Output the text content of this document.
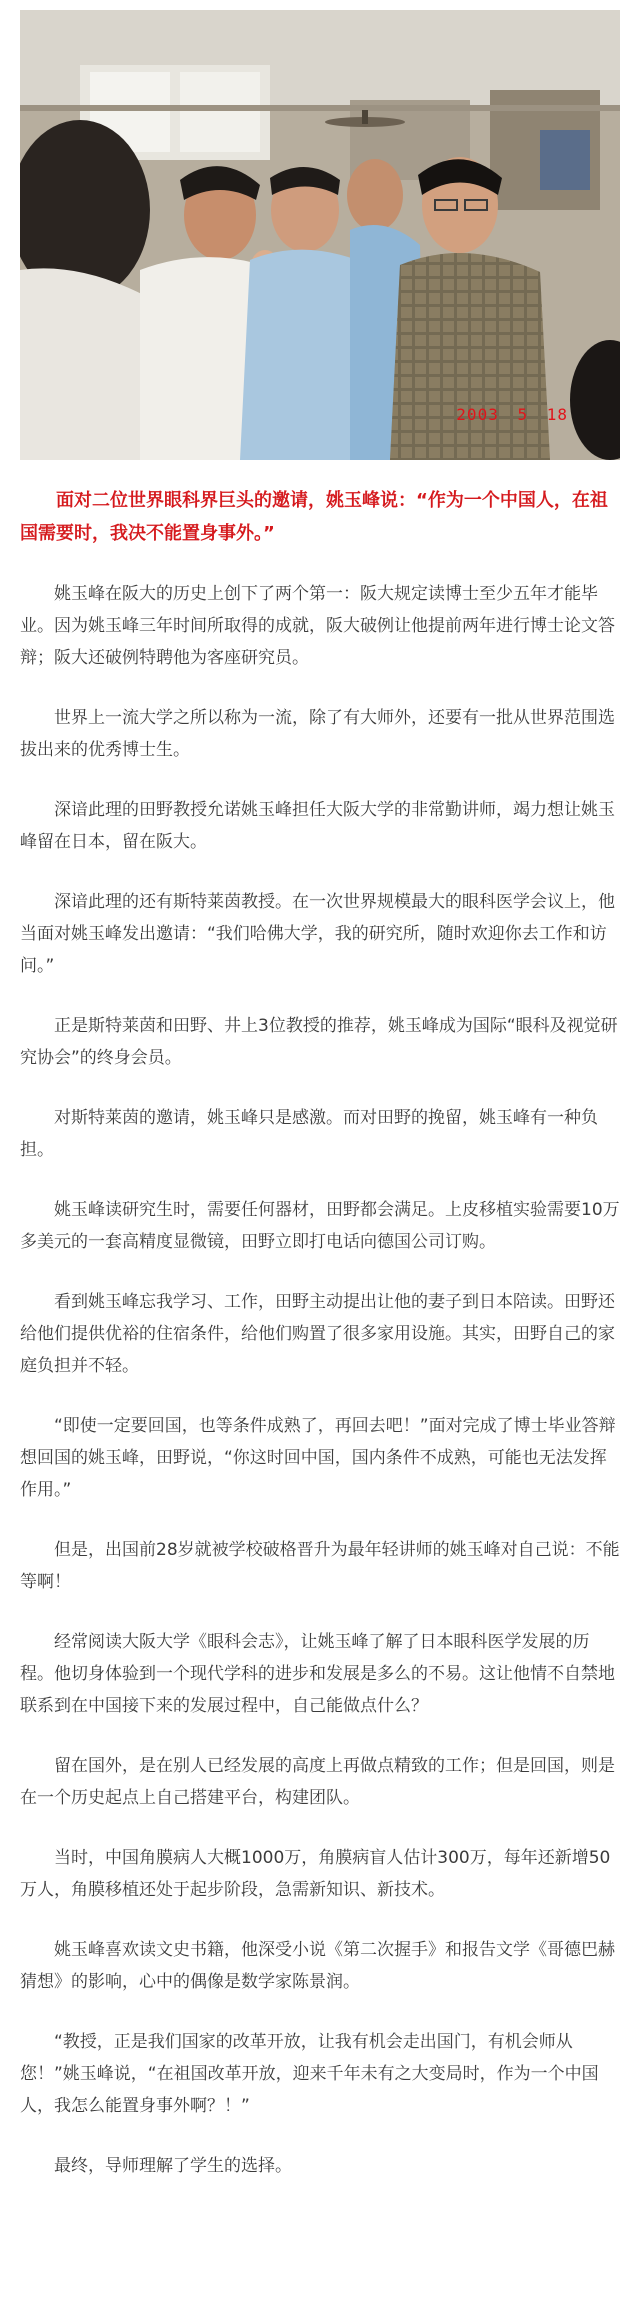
2003 5 18

面对二位世界眼科界巨头的邀请，姚玉峰说：“作为一个中国人，在祖国需要时，我决不能置身事外。”

姚玉峰在阪大的历史上创下了两个第一：阪大规定读博士至少五年才能毕业。因为姚玉峰三年时间所取得的成就，阪大破例让他提前两年进行博士论文答辩；阪大还破例特聘他为客座研究员。

世界上一流大学之所以称为一流，除了有大师外，还要有一批从世界范围选拔出来的优秀博士生。

深谙此理的田野教授允诺姚玉峰担任大阪大学的非常勤讲师，竭力想让姚玉峰留在日本，留在阪大。

深谙此理的还有斯特莱茵教授。在一次世界规模最大的眼科医学会议上，他当面对姚玉峰发出邀请：“我们哈佛大学，我的研究所，随时欢迎你去工作和访问。”

正是斯特莱茵和田野、井上3位教授的推荐，姚玉峰成为国际“眼科及视觉研究协会”的终身会员。

对斯特莱茵的邀请，姚玉峰只是感激。而对田野的挽留，姚玉峰有一种负担。

姚玉峰读研究生时，需要任何器材，田野都会满足。上皮移植实验需要10万多美元的一套高精度显微镜，田野立即打电话向德国公司订购。

看到姚玉峰忘我学习、工作，田野主动提出让他的妻子到日本陪读。田野还给他们提供优裕的住宿条件，给他们购置了很多家用设施。其实，田野自己的家庭负担并不轻。

“即使一定要回国，也等条件成熟了，再回去吧！”面对完成了博士毕业答辩想回国的姚玉峰，田野说，“你这时回中国，国内条件不成熟，可能也无法发挥作用。”

但是，出国前28岁就被学校破格晋升为最年轻讲师的姚玉峰对自己说：不能等啊！

经常阅读大阪大学《眼科会志》，让姚玉峰了解了日本眼科医学发展的历程。他切身体验到一个现代学科的进步和发展是多么的不易。这让他情不自禁地联系到在中国接下来的发展过程中，自己能做点什么？

留在国外，是在别人已经发展的高度上再做点精致的工作；但是回国，则是在一个历史起点上自己搭建平台，构建团队。

当时，中国角膜病人大概1000万，角膜病盲人估计300万，每年还新增50万人，角膜移植还处于起步阶段，急需新知识、新技术。

姚玉峰喜欢读文史书籍，他深受小说《第二次握手》和报告文学《哥德巴赫猜想》的影响，心中的偶像是数学家陈景润。

“教授，正是我们国家的改革开放，让我有机会走出国门，有机会师从您！”姚玉峰说，“在祖国改革开放，迎来千年未有之大变局时，作为一个中国人，我怎么能置身事外啊？！”

最终，导师理解了学生的选择。
